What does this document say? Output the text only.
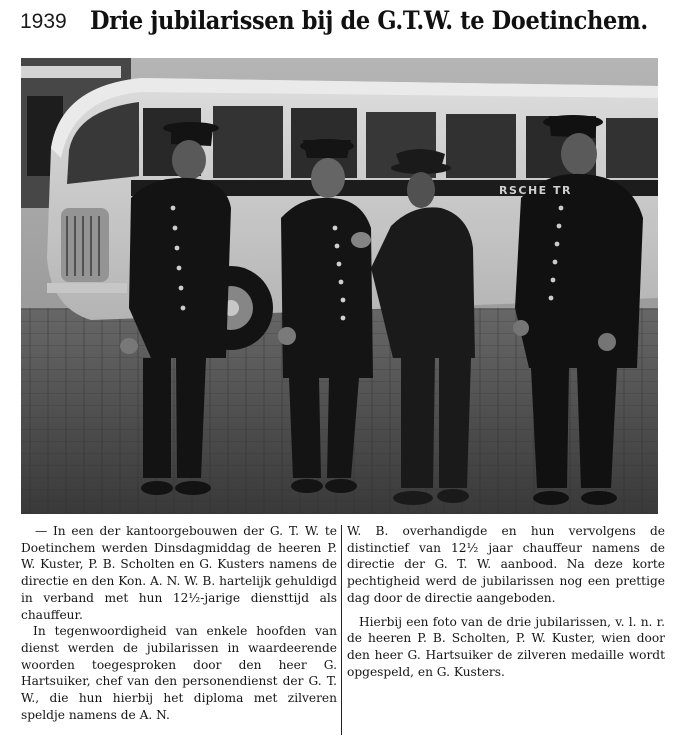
1939 Drie jubilarissen bij de G.T.W. te Doetinchem.
RSCHE TR

— In een der kantoorgebouwen der G. T. W. te Doetinchem werden Dinsdagmiddag de heeren P. W. Kuster, P. B. Scholten en G. Kusters namens de directie en den Kon. A. N. W. B. hartelijk gehuldigd in verband met hun 12½-jarige diensttijd als chauffeur.

In tegenwoordigheid van enkele hoofden van dienst werden de jubilarissen in waardeerende woorden toegesproken door den heer G. Hartsuiker, chef van den personendienst der G. T. W., die hun hierbij het diploma met zilveren speldje namens de A. N.

W. B. overhandigde en hun vervolgens de distinctief van 12½ jaar chauffeur namens de directie der G. T. W. aanbood. Na deze korte pechtigheid werd de jubilarissen nog een prettige dag door de directie aangeboden.

Hierbij een foto van de drie jubilarissen, v. l. n. r. de heeren P. B. Scholten, P. W. Kuster, wien door den heer G. Hartsuiker de zilveren medaille wordt opgespeld, en G. Kusters.
